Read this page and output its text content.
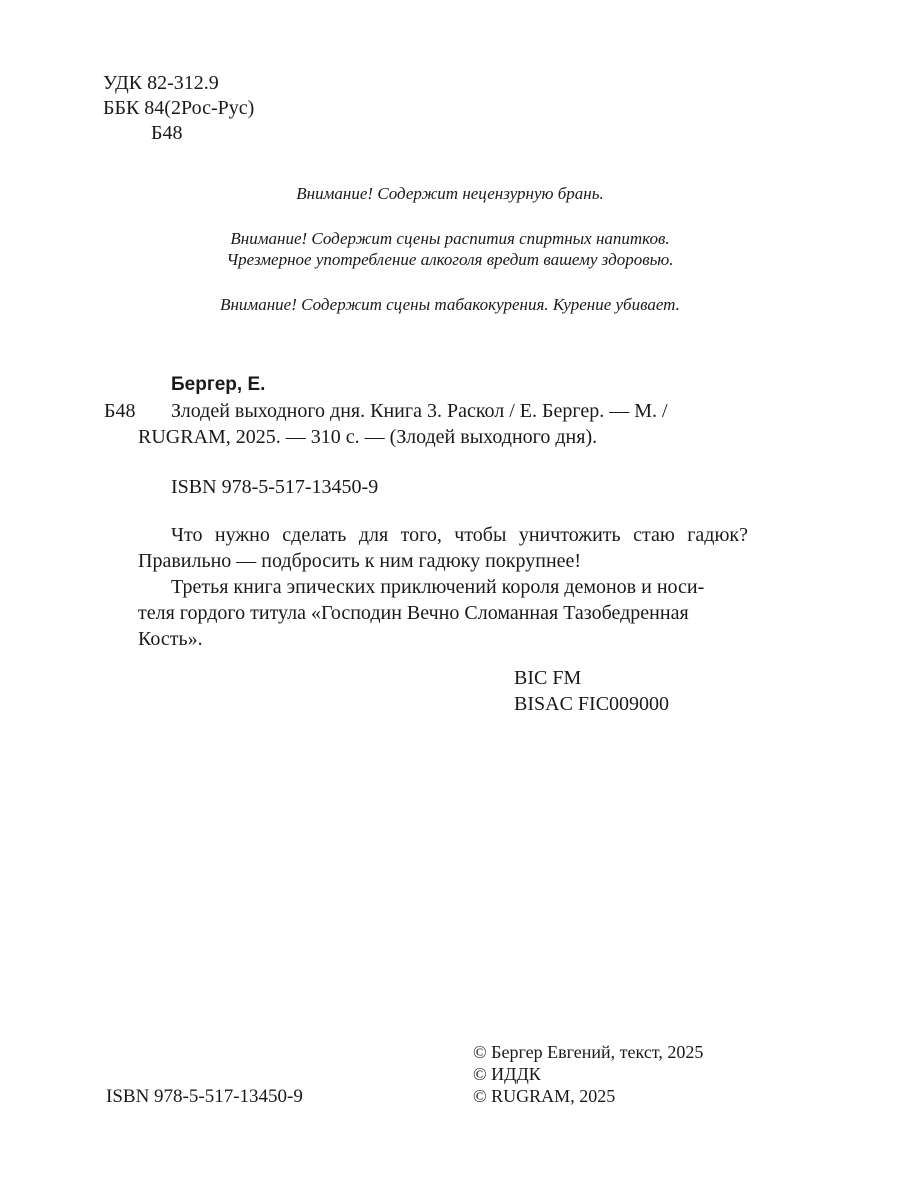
УДК 82-312.9
ББК 84(2Рос-Рус)
Б48

Внимание! Содержит нецензурную брань.

Внимание! Содержит сцены распития спиртных напитков.
Чрезмерное употребление алкоголя вредит вашему здоровью.

Внимание! Содержит сцены табакокурения. Курение убивает.

Бергер, Е.
Б48	Злодей выходного дня. Книга 3. Раскол / Е. Бергер. — М. /
RUGRAM, 2025. — 310 с. — (Злодей выходного дня).
ISBN 978-5-517-13450-9

Что нужно сделать для того, чтобы уничтожить стаю гадюк? Правильно — подбросить к ним гадюку покрупнее!

Третья книга эпических приключений короля демонов и носи-
теля гордого титула «Господин Вечно Сломанная Тазобедренная
Кость».
BIC FM
BISAC FIC009000
ISBN 978-5-517-13450-9
© Бергер Евгений, текст, 2025
© ИДДК
© RUGRAM, 2025
